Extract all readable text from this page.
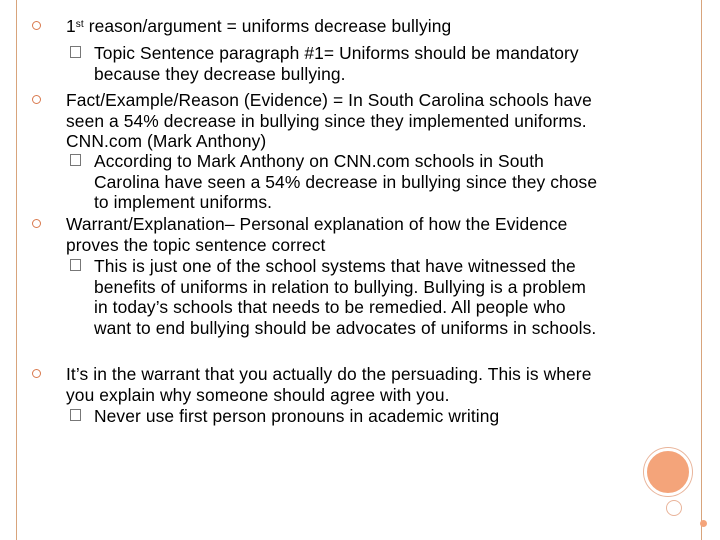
1st reason/argument = uniforms decrease bullying
Topic Sentence paragraph #1= Uniforms should be mandatory
because they decrease bullying.
Fact/Example/Reason (Evidence) = In South Carolina schools have
seen a 54% decrease in bullying since they implemented uniforms.
CNN.com (Mark Anthony)
According to Mark Anthony on CNN.com schools in South
Carolina have seen a 54% decrease in bullying since they chose
to implement uniforms.
Warrant/Explanation– Personal explanation of how the Evidence
proves the topic sentence correct
This is just one of the school systems that have witnessed the
benefits of uniforms in relation to bullying. Bullying is a problem
in today’s schools that needs to be remedied. All people who
want to end bullying should be advocates of uniforms in schools.
It’s in the warrant that you actually do the persuading. This is where
you explain why someone should agree with you.
Never use first person pronouns in academic writing
